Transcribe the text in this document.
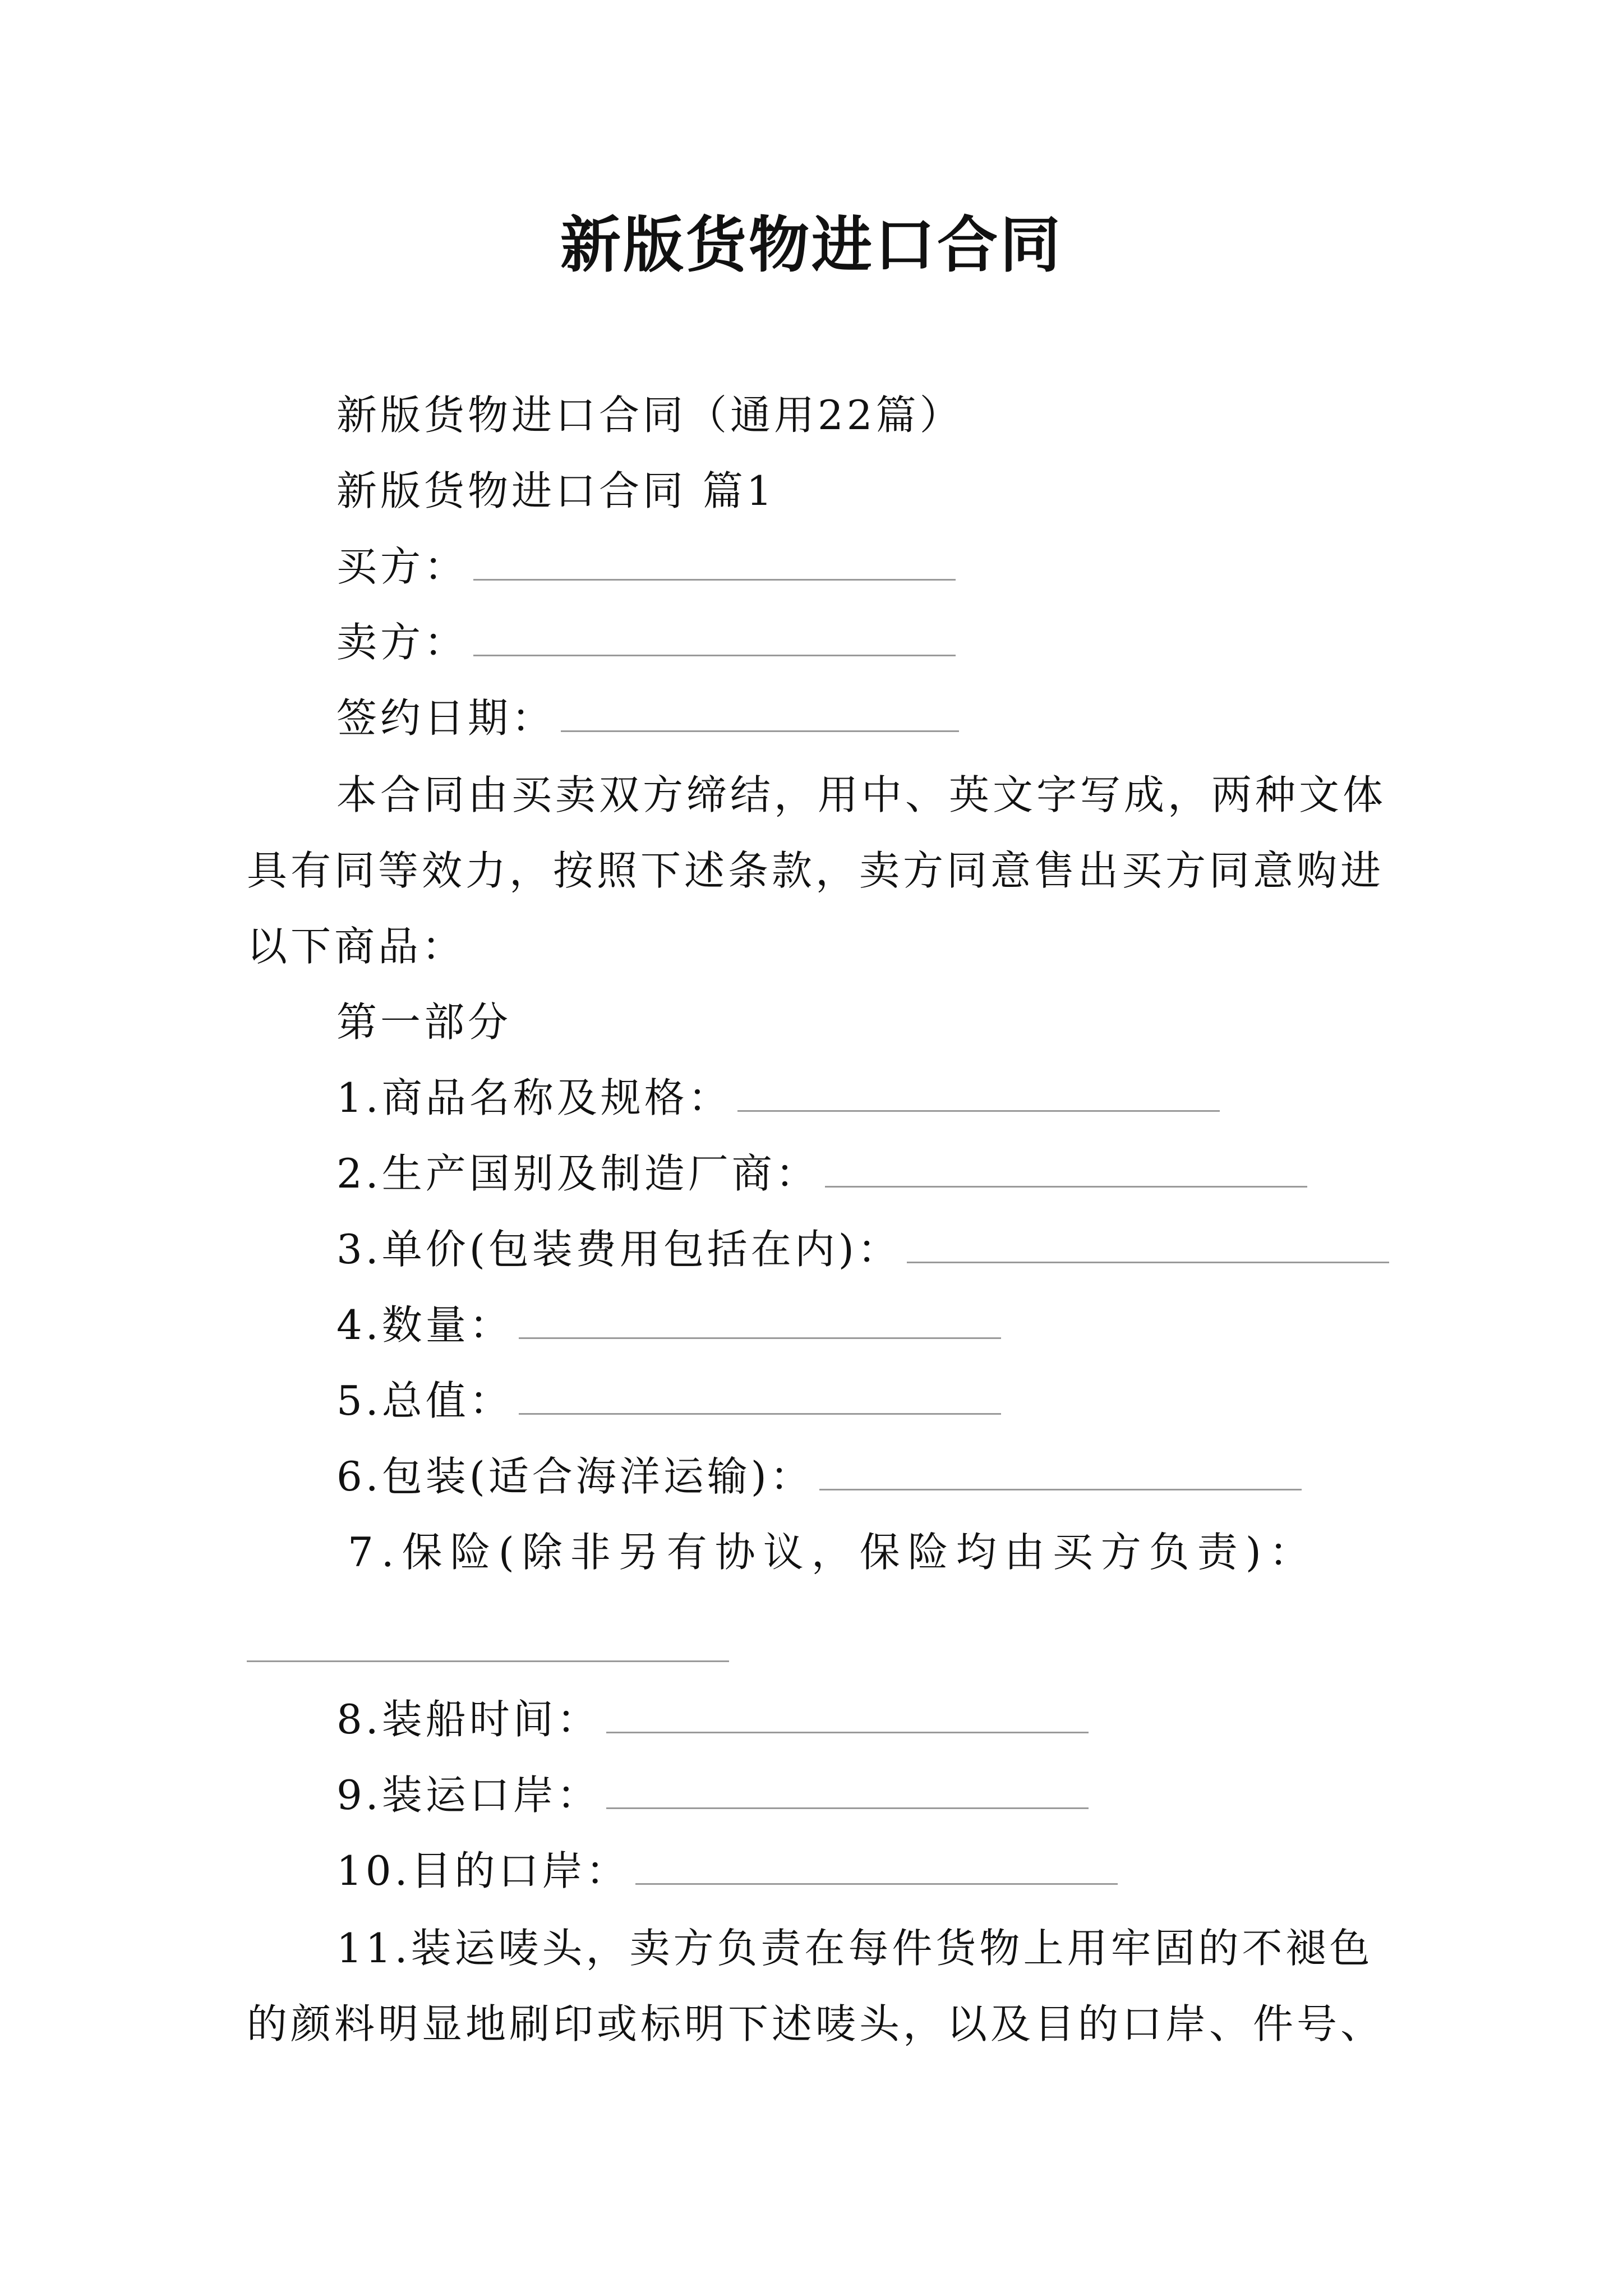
新版货物进口合同
新版货物进口合同（通用22篇）
新版货物进口合同 篇1
买方：
卖方：
签约日期：
本合同由买卖双方缔结，用中、英文字写成，两种文体
具有同等效力，按照下述条款，卖方同意售出买方同意购进
以下商品：
第一部分
1.商品名称及规格：
2.生产国别及制造厂商：
3.单价(包装费用包括在内)：
4.数量：
5.总值：
6.包装(适合海洋运输)：
7.保险(除非另有协议，保险均由买方负责)：
8.装船时间：
9.装运口岸：
10.目的口岸：
11.装运唛头，卖方负责在每件货物上用牢固的不褪色
的颜料明显地刷印或标明下述唛头，以及目的口岸、件号、
